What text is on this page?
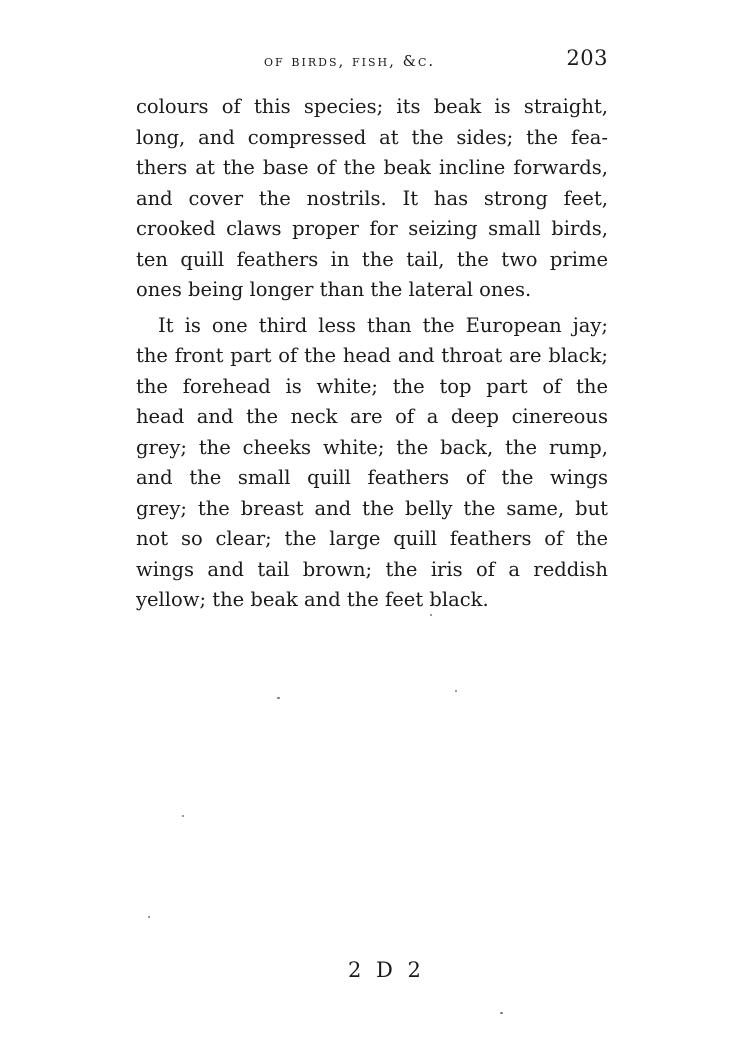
of birds, fish, &c.	203
colours of this species; its beak is straight,
long, and compressed at the sides; the fea-
thers at the base of the beak incline forwards,
and cover the nostrils. It has strong feet,
crooked claws proper for seizing small birds,
ten quill feathers in the tail, the two prime
ones being longer than the lateral ones.
It is one third less than the European jay;
the front part of the head and throat are black;
the forehead is white; the top part of the
head and the neck are of a deep cinereous
grey; the cheeks white; the back, the rump,
and the small quill feathers of the wings
grey; the breast and the belly the same, but
not so clear; the large quill feathers of the
wings and tail brown; the iris of a reddish
yellow; the beak and the feet black.
2 D 2
